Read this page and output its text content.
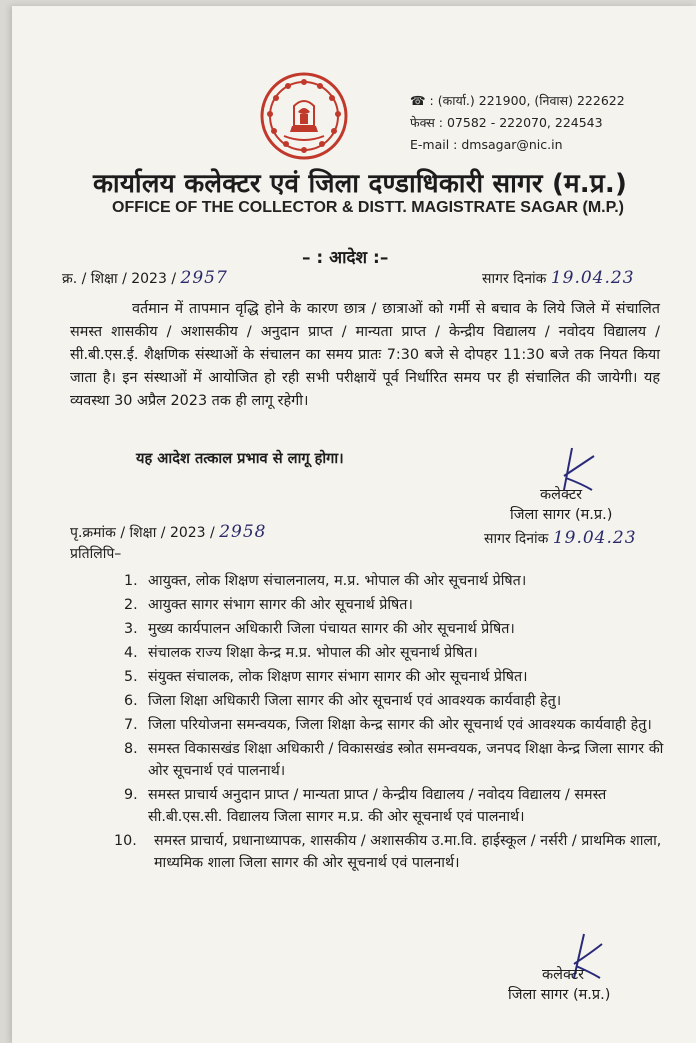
☎ : (कार्या.) 221900, (निवास) 222622
फेक्स : 07582 - 222070, 224543
E-mail : dmsagar@nic.in
कार्यालय कलेक्टर एवं जिला दण्डाधिकारी सागर (म.प्र.)
OFFICE OF THE COLLECTOR & DISTT. MAGISTRATE SAGAR (M.P.)
– : आदेश :–
क्र. / शिक्षा / 2023 / 2957	सागर दिनांक 19.04.23
वर्तमान में तापमान वृद्धि होने के कारण छात्र / छात्राओं को गर्मी से बचाव के लिये जिले में संचालित समस्त शासकीय / अशासकीय / अनुदान प्राप्त / मान्यता प्राप्त / केन्द्रीय विद्यालय / नवोदय विद्यालय / सी.बी.एस.ई. शैक्षणिक संस्थाओं के संचालन का समय प्रातः 7:30 बजे से दोपहर 11:30 बजे तक नियत किया जाता है। इन संस्थाओं में आयोजित हो रही सभी परीक्षायें पूर्व निर्धारित समय पर ही संचालित की जायेगी। यह व्यवस्था 30 अप्रैल 2023 तक ही लागू रहेगी।
यह आदेश तत्काल प्रभाव से लागू होगा।
कलेक्टर
जिला सागर (म.प्र.)
पृ.क्रमांक / शिक्षा / 2023 / 2958	सागर दिनांक 19.04.23
प्रतिलिपि–
1. आयुक्त, लोक शिक्षण संचालनालय, म.प्र. भोपाल की ओर सूचनार्थ प्रेषित।
2. आयुक्त सागर संभाग सागर की ओर सूचनार्थ प्रेषित।
3. मुख्य कार्यपालन अधिकारी जिला पंचायत सागर की ओर सूचनार्थ प्रेषित।
4. संचालक राज्य शिक्षा केन्द्र म.प्र. भोपाल की ओर सूचनार्थ प्रेषित।
5. संयुक्त संचालक, लोक शिक्षण सागर संभाग सागर की ओर सूचनार्थ प्रेषित।
6. जिला शिक्षा अधिकारी जिला सागर की ओर सूचनार्थ एवं आवश्यक कार्यवाही हेतु।
7. जिला परियोजना समन्वयक, जिला शिक्षा केन्द्र सागर की ओर सूचनार्थ एवं आवश्यक कार्यवाही हेतु।
8. समस्त विकासखंड शिक्षा अधिकारी / विकासखंड स्त्रोत समन्वयक, जनपद शिक्षा केन्द्र जिला सागर की ओर सूचनार्थ एवं पालनार्थ।
9. समस्त प्राचार्य अनुदान प्राप्त / मान्यता प्राप्त / केन्द्रीय विद्यालय / नवोदय विद्यालय / समस्त सी.बी.एस.सी. विद्यालय जिला सागर म.प्र. की ओर सूचनार्थ एवं पालनार्थ।
10. समस्त प्राचार्य, प्रधानाध्यापक, शासकीय / अशासकीय उ.मा.वि. हाईस्कूल / नर्सरी / प्राथमिक शाला, माध्यमिक शाला जिला सागर की ओर सूचनार्थ एवं पालनार्थ।
कलेक्टर
जिला सागर (म.प्र.)
